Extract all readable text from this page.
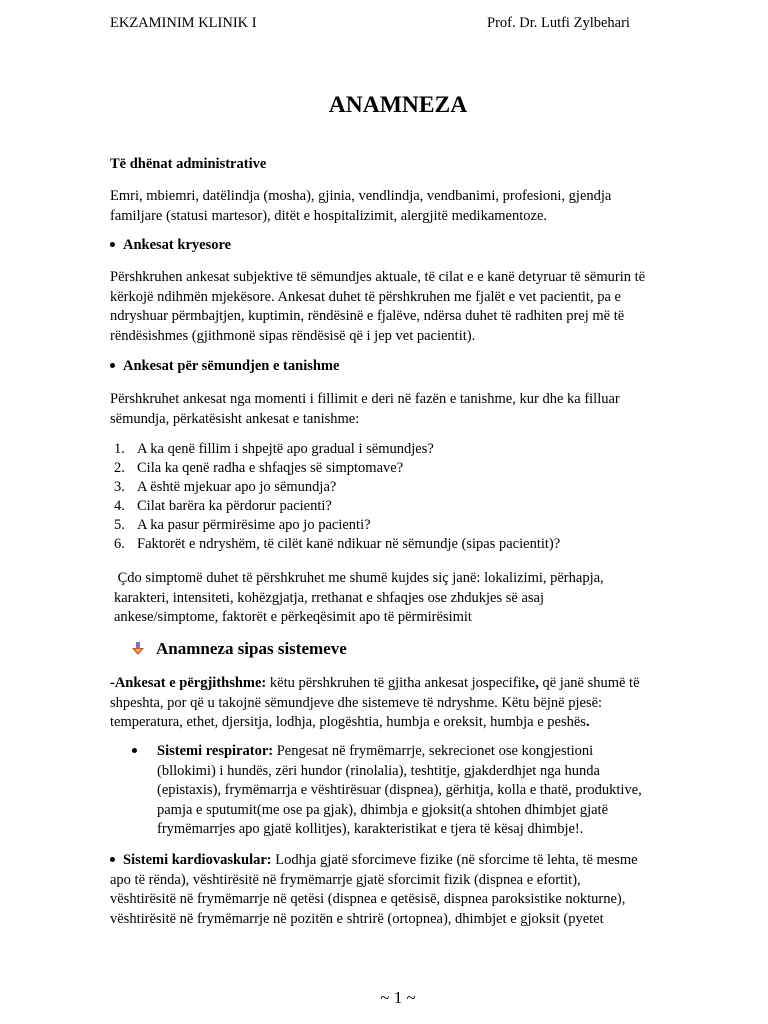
EKZAMINIM KLINIK I	Prof. Dr. Lutfi Zylbehari
ANAMNEZA
Të dhënat administrative
Emri, mbiemri, datëlindja (mosha), gjinia, vendlindja, vendbanimi, profesioni, gjendja
familjare (statusi martesor), ditët e hospitalizimit, alergjitë medikamentoze.
Ankesat kryesore
Përshkruhen ankesat subjektive të sëmundjes aktuale, të cilat e e kanë detyruar të sëmurin të
kërkojë ndihmën mjekësore. Ankesat duhet të përshkruhen me fjalët e vet pacientit, pa e
ndryshuar përmbajtjen, kuptimin, rëndësinë e fjalëve, ndërsa duhet të radhiten prej më të
rëndësishmes (gjithmonë sipas rëndësisë që i jep vet pacientit).
Ankesat për sëmundjen e tanishme
Përshkruhet ankesat nga momenti i fillimit e deri në fazën e tanishme, kur dhe ka filluar
sëmundja, përkatësisht ankesat e tanishme:
1. A ka qenë fillim i shpejtë apo gradual i sëmundjes?
2. Cila ka qenë radha e shfaqjes së simptomave?
3. A është mjekuar apo jo sëmundja?
4. Cilat barëra ka përdorur pacienti?
5. A ka pasur përmirësime apo jo pacienti?
6. Faktorët e ndryshëm, të cilët kanë ndikuar në sëmundje (sipas pacientit)?
Çdo simptomë duhet të përshkruhet me shumë kujdes siç janë: lokalizimi, përhapja,
karakteri, intensiteti, kohëzgjatja, rrethanat e shfaqjes ose zhdukjes së asaj
ankese/simptome, faktorët e përkeqësimit apo të përmirësimit
Anamneza sipas sistemeve
-Ankesat e përgjithshme: këtu përshkruhen të gjitha ankesat jospecifike, që janë shumë të
shpeshta, por që u takojnë sëmundjeve dhe sistemeve të ndryshme. Këtu bëjnë pjesë:
temperatura, ethet, djersitja, lodhja, plogështia, humbja e oreksit, humbja e peshës.
Sistemi respirator: Pengesat në frymëmarrje, sekrecionet ose kongjestioni
(bllokimi) i hundës, zëri hundor (rinolalia), teshtitje, gjakderdhjet nga hunda
(epistaxis), frymëmarrja e vështirësuar (dispnea), gërhitja, kolla e thatë, produktive,
pamja e sputumit(me ose pa gjak), dhimbja e gjoksit(a shtohen dhimbjet gjatë
frymëmarrjes apo gjatë kollitjes), karakteristikat e tjera të kësaj dhimbje!.
Sistemi kardiovaskular: Lodhja gjatë sforcimeve fizike (në sforcime të lehta, të mesme
apo të rënda), vështirësitë në frymëmarrje gjatë sforcimit fizik (dispnea e efortit),
vështirësitë në frymëmarrje në qetësi (dispnea e qetësisë, dispnea paroksistike nokturne),
vështirësitë në frymëmarrje në pozitën e shtrirë (ortopnea), dhimbjet e gjoksit (pyetet
~ 1 ~
